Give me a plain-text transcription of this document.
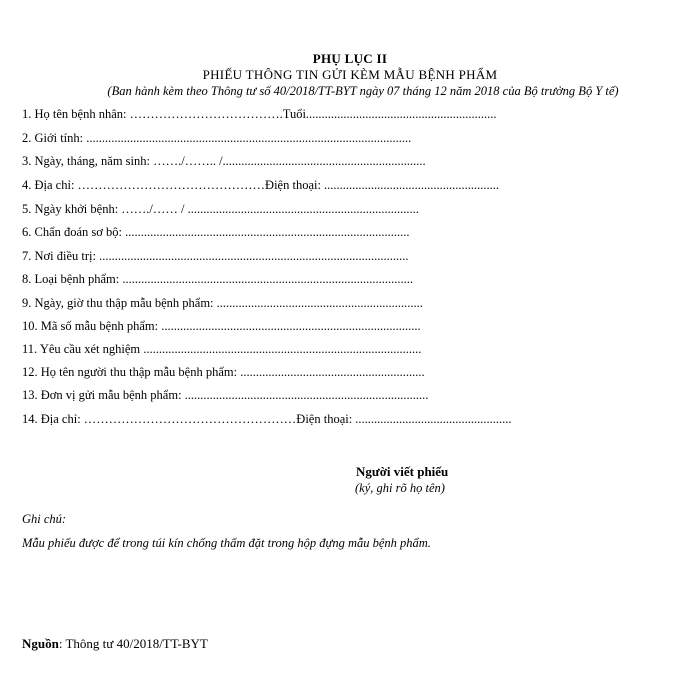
PHỤ LỤC II
PHIẾU THÔNG TIN GỬI KÈM MẪU BỆNH PHẨM
(Ban hành kèm theo Thông tư số 40/2018/TT-BYT ngày 07 tháng 12 năm 2018 của Bộ trưởng Bộ Y tế)
1. Họ tên bệnh nhân: ……………………………….Tuổi.............................................................
2. Giới tính: ........................................................................................................
3. Ngày, tháng, năm sinh: ……./…….. /.................................................................
4. Địa chỉ: ………………………………………Điện thoại: ........................................................
5. Ngày khởi bệnh: ……./…… / ..........................................................................
6. Chẩn đoán sơ bộ: ...........................................................................................
7. Nơi điều trị: ...................................................................................................
8. Loại bệnh phẩm: .............................................................................................
9. Ngày, giờ thu thập mẫu bệnh phẩm: ..................................................................
10. Mã số mẫu bệnh phẩm: ...................................................................................
11. Yêu cầu xét nghiệm .........................................................................................
12. Họ tên người thu thập mẫu bệnh phẩm: ...........................................................
13. Đơn vị gửi mẫu bệnh phẩm: ..............................................................................
14. Địa chỉ: ……………………………………………Điện thoại: ..................................................
Người viết phiếu
(ký, ghi rõ họ tên)
Ghi chú:
Mẫu phiếu được để trong túi kín chống thấm đặt trong hộp đựng mẫu bệnh phẩm.
Nguồn: Thông tư 40/2018/TT-BYT
